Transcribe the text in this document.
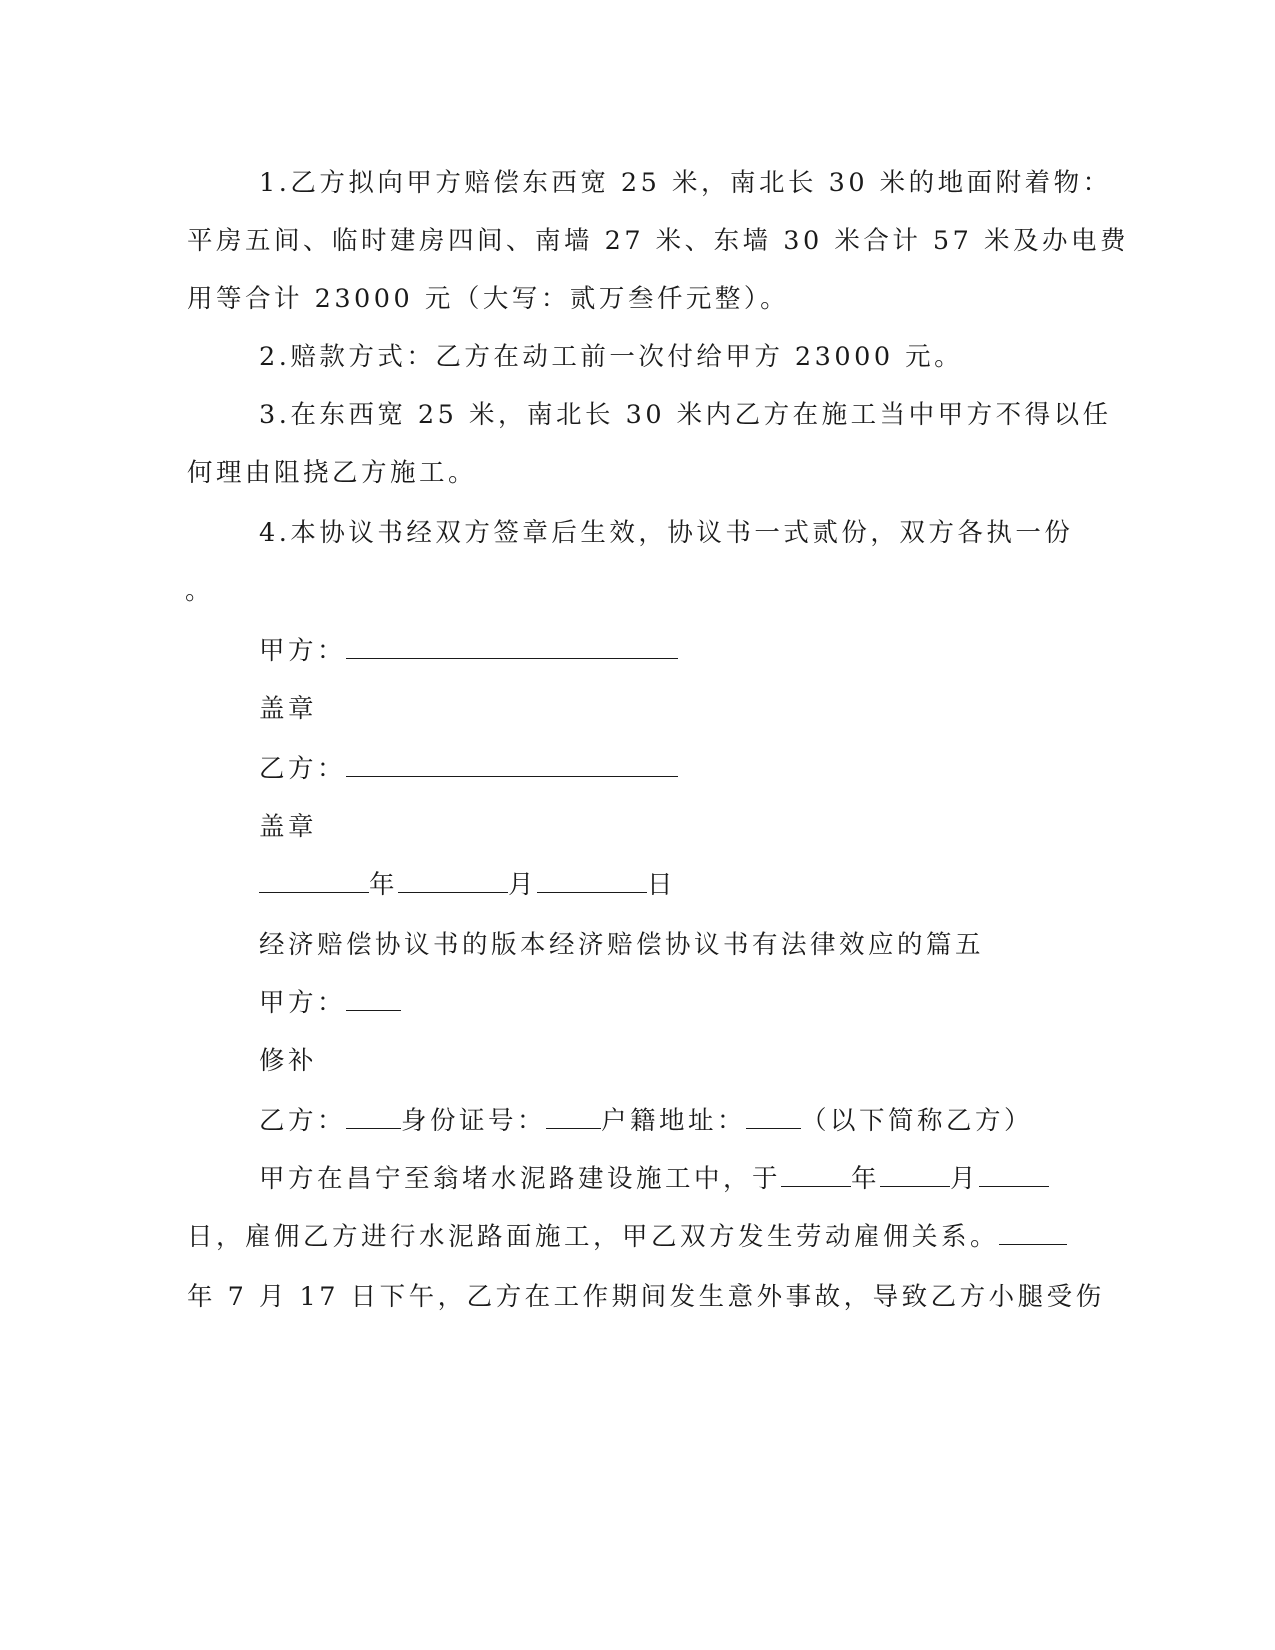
1.乙方拟向甲方赔偿东西宽 25 米，南北长 30 米的地面附着物：
平房五间、临时建房四间、南墙 27 米、东墙 30 米合计 57 米及办电费
用等合计 23000 元（大写：贰万叁仟元整）。
2.赔款方式：乙方在动工前一次付给甲方 23000 元。
3.在东西宽 25 米，南北长 30 米内乙方在施工当中甲方不得以任
何理由阻挠乙方施工。
4.本协议书经双方签章后生效，协议书一式贰份，双方各执一份
。
甲方：
盖章
乙方：
盖章
年	月	日
经济赔偿协议书的版本经济赔偿协议书有法律效应的篇五
甲方：
修补
乙方： 身份证号： 户籍地址： （以下简称乙方）
甲方在昌宁至翁堵水泥路建设施工中，于	年	月
日，雇佣乙方进行水泥路面施工，甲乙双方发生劳动雇佣关系。
年 7 月 17 日下午，乙方在工作期间发生意外事故，导致乙方小腿受伤
